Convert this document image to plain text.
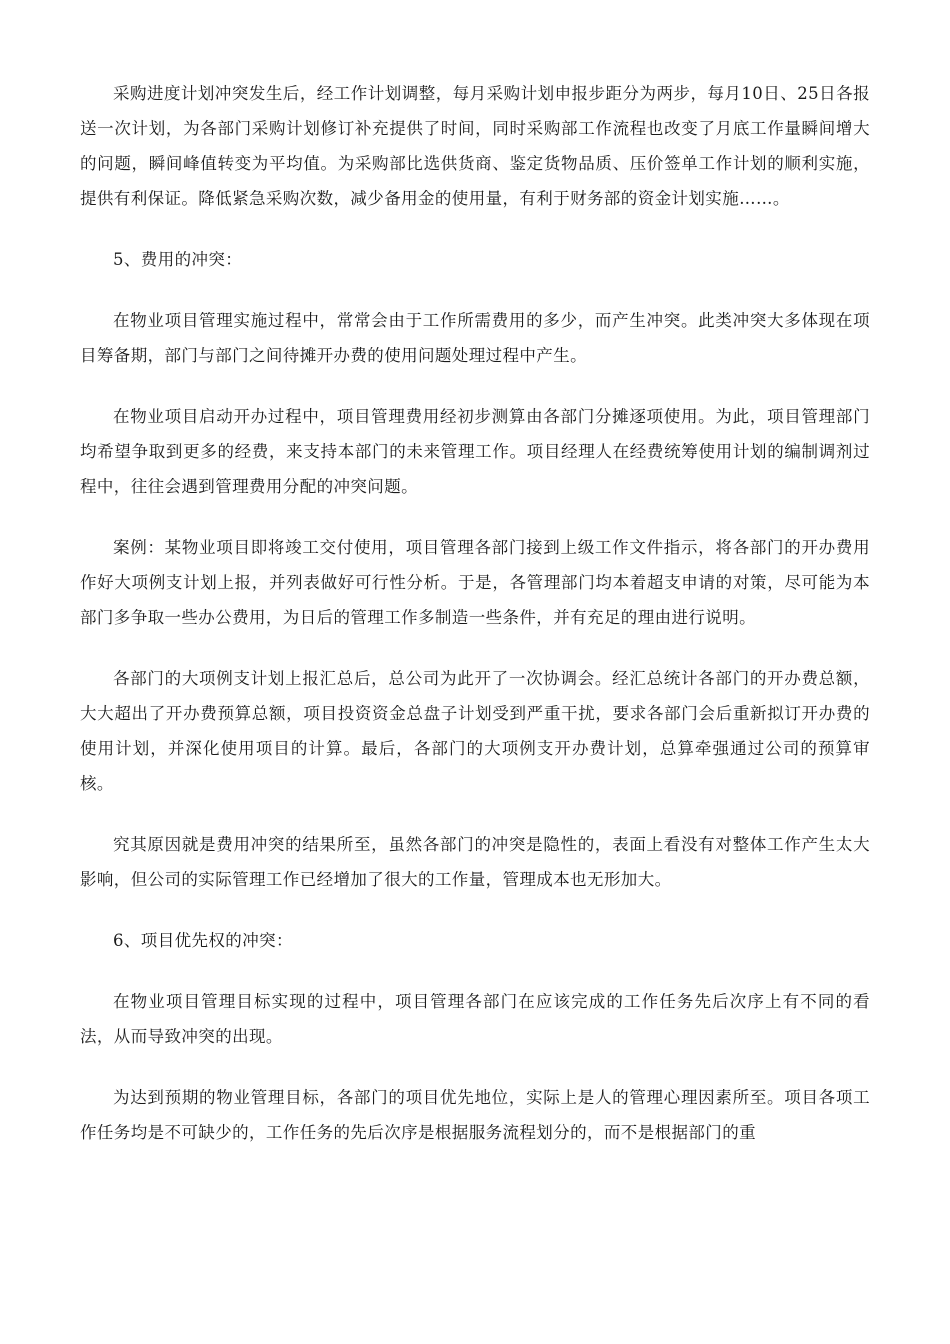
采购进度计划冲突发生后，经工作计划调整，每月采购计划申报步距分为两步，每月10日、25日各报送一次计划，为各部门采购计划修订补充提供了时间，同时采购部工作流程也改变了月底工作量瞬间增大的问题，瞬间峰值转变为平均值。为采购部比选供货商、鉴定货物品质、压价签单工作计划的顺利实施，提供有利保证。降低紧急采购次数，减少备用金的使用量，有利于财务部的资金计划实施……。

5、费用的冲突：

在物业项目管理实施过程中，常常会由于工作所需费用的多少，而产生冲突。此类冲突大多体现在项目筹备期，部门与部门之间待摊开办费的使用问题处理过程中产生。

在物业项目启动开办过程中，项目管理费用经初步测算由各部门分摊逐项使用。为此，项目管理部门均希望争取到更多的经费，来支持本部门的未来管理工作。项目经理人在经费统筹使用计划的编制调剂过程中，往往会遇到管理费用分配的冲突问题。

案例：某物业项目即将竣工交付使用，项目管理各部门接到上级工作文件指示，将各部门的开办费用作好大项例支计划上报，并列表做好可行性分析。于是，各管理部门均本着超支申请的对策，尽可能为本部门多争取一些办公费用，为日后的管理工作多制造一些条件，并有充足的理由进行说明。

各部门的大项例支计划上报汇总后，总公司为此开了一次协调会。经汇总统计各部门的开办费总额，大大超出了开办费预算总额，项目投资资金总盘子计划受到严重干扰，要求各部门会后重新拟订开办费的使用计划，并深化使用项目的计算。最后，各部门的大项例支开办费计划，总算牵强通过公司的预算审核。

究其原因就是费用冲突的结果所至，虽然各部门的冲突是隐性的，表面上看没有对整体工作产生太大影响，但公司的实际管理工作已经增加了很大的工作量，管理成本也无形加大。

6、项目优先权的冲突：

在物业项目管理目标实现的过程中，项目管理各部门在应该完成的工作任务先后次序上有不同的看法，从而导致冲突的出现。

为达到预期的物业管理目标，各部门的项目优先地位，实际上是人的管理心理因素所至。项目各项工作任务均是不可缺少的，工作任务的先后次序是根据服务流程划分的，而不是根据部门的重
